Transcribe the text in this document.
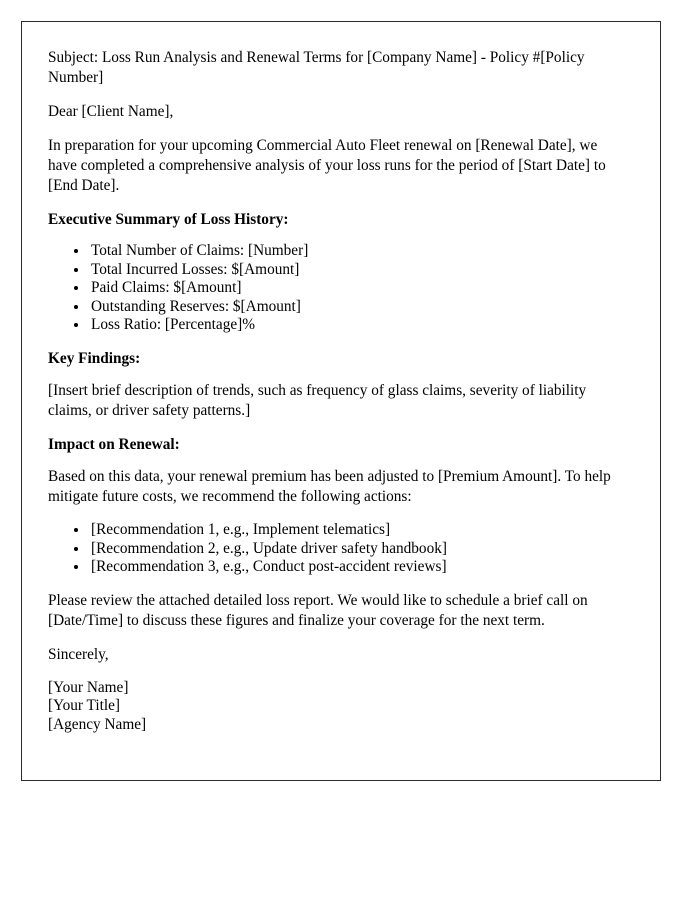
Subject: Loss Run Analysis and Renewal Terms for [Company Name] - Policy #[Policy Number]

Dear [Client Name],

In preparation for your upcoming Commercial Auto Fleet renewal on [Renewal Date], we have completed a comprehensive analysis of your loss runs for the period of [Start Date] to [End Date].

Executive Summary of Loss History:
• Total Number of Claims: [Number]
• Total Incurred Losses: $[Amount]
• Paid Claims: $[Amount]
• Outstanding Reserves: $[Amount]
• Loss Ratio: [Percentage]%
Key Findings:

[Insert brief description of trends, such as frequency of glass claims, severity of liability claims, or driver safety patterns.]

Impact on Renewal:

Based on this data, your renewal premium has been adjusted to [Premium Amount]. To help mitigate future costs, we recommend the following actions:

• [Recommendation 1, e.g., Implement telematics]
• [Recommendation 2, e.g., Update driver safety handbook]
• [Recommendation 3, e.g., Conduct post-accident reviews]

Please review the attached detailed loss report. We would like to schedule a brief call on [Date/Time] to discuss these figures and finalize your coverage for the next term.

Sincerely,

[Your Name]

[Your Title]

[Agency Name]
